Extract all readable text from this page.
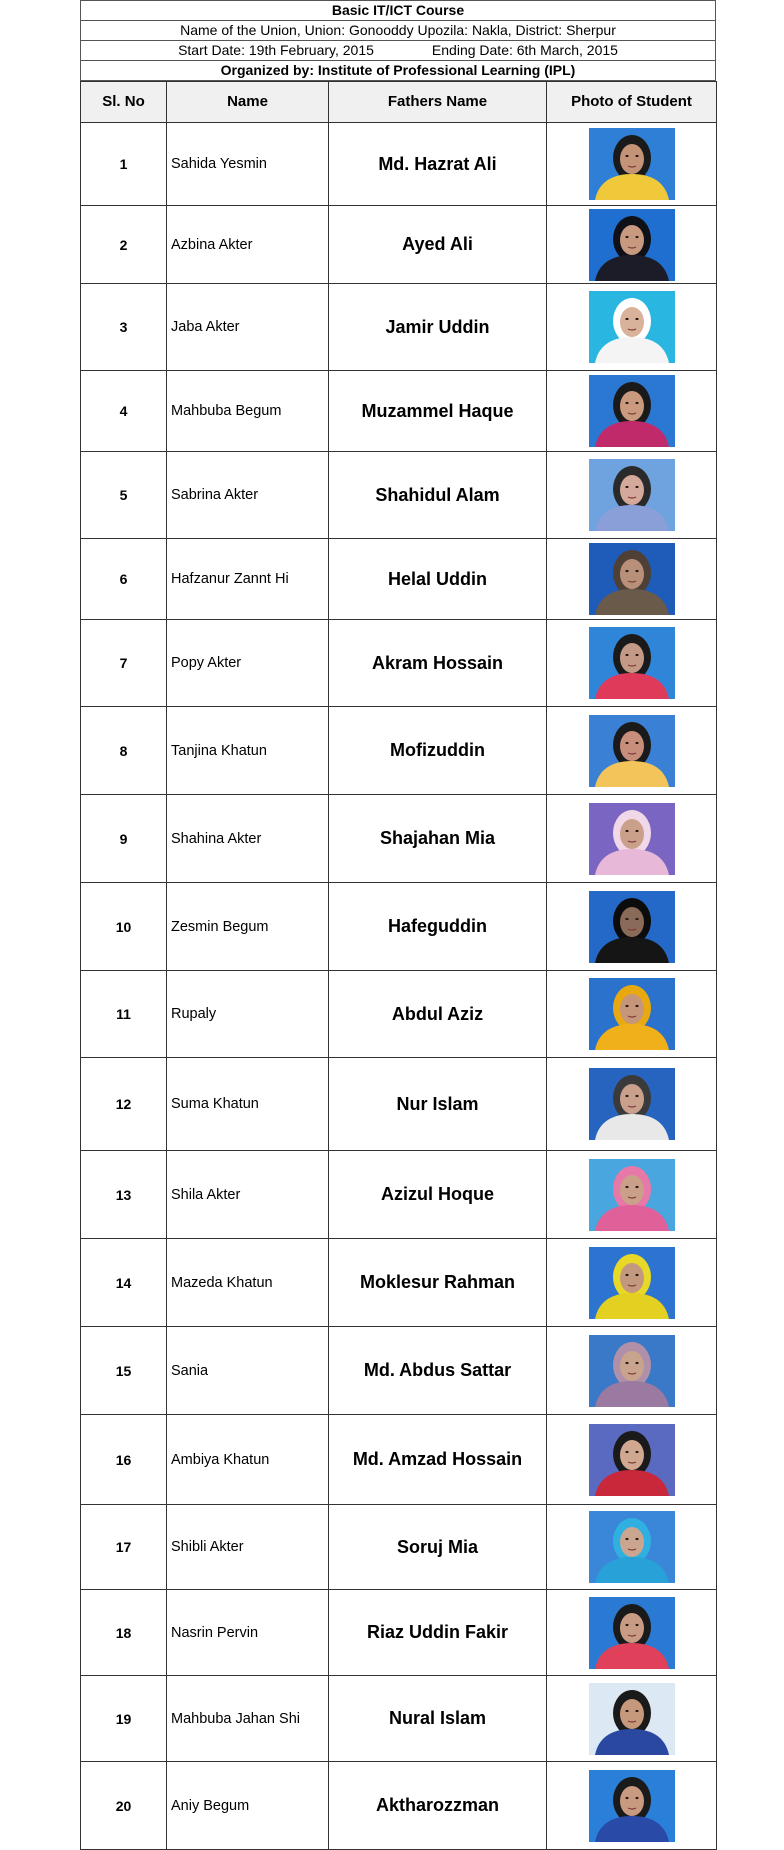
Basic IT/ICT Course
Name of the Union, Union: Gonooddy Upozila: Nakla, District: Sherpur
Start Date: 19th February, 2015	Ending Date: 6th March, 2015
Organized by: Institute of Professional Learning (IPL)
Sl. No	Name	Fathers Name	Photo of Student
1	Sahida Yesmin	Md. Hazrat Ali	

2	Azbina Akter	Ayed Ali	

3	Jaba Akter	Jamir Uddin	

4	Mahbuba Begum	Muzammel Haque	

5	Sabrina Akter	Shahidul Alam	

6	Hafzanur Zannt Hi	Helal Uddin	

7	Popy Akter	Akram Hossain	

8	Tanjina Khatun	Mofizuddin	

9	Shahina Akter	Shajahan Mia	

10	Zesmin Begum	Hafeguddin	

11	Rupaly	Abdul Aziz	

12	Suma Khatun	Nur Islam	

13	Shila Akter	Azizul Hoque	

14	Mazeda Khatun	Moklesur Rahman	

15	Sania	Md. Abdus Sattar	

16	Ambiya Khatun	Md. Amzad Hossain	

17	Shibli Akter	Soruj Mia	

18	Nasrin Pervin	Riaz Uddin Fakir	

19	Mahbuba Jahan Shi	Nural Islam	

20	Aniy Begum	Aktharozzman	
